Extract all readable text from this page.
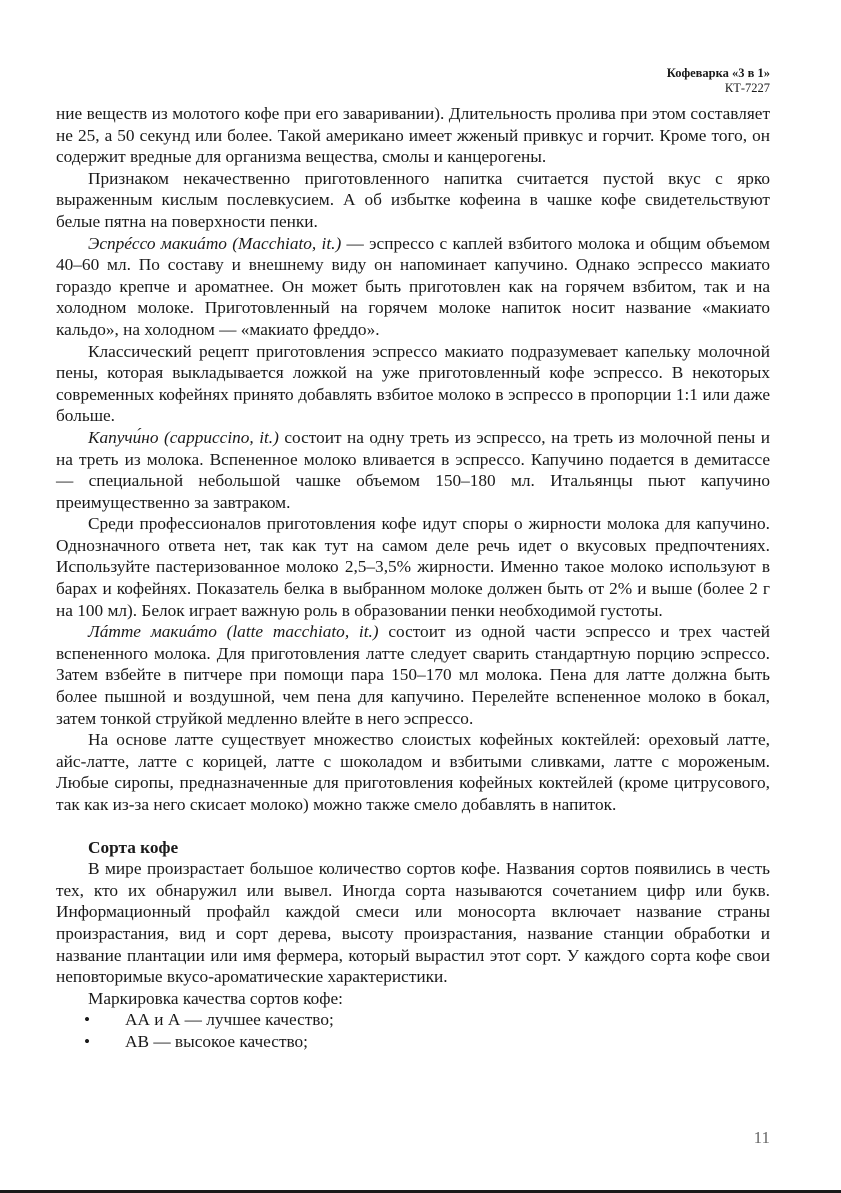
Кофеварка «3 в 1»
КТ-7227

ние веществ из молотого кофе при его заваривании). Длительность пролива при этом составляет не 25, а 50 секунд или более. Такой американо имеет жженый привкус и горчит. Кроме того, он содержит вредные для организма вещества, смолы и канцерогены.

Признаком некачественно приготовленного напитка считается пустой вкус с ярко выраженным кислым послевкусием. А об избытке кофеина в чашке кофе свидетельствуют белые пятна на поверхности пенки.

Эспрéссо макиáто (Macchiato, it.) — эспрессо с каплей взбитого молока и общим объемом 40–60 мл. По составу и внешнему виду он напоминает капучино. Однако эспрессо макиато гораздо крепче и ароматнее. Он может быть приготовлен как на горячем взбитом, так и на холодном молоке. Приготовленный на горячем молоке напиток носит название «макиато кальдо», на холодном — «макиато фреддо».

Классический рецепт приготовления эспрессо макиато подразумевает капельку молочной пены, которая выкладывается ложкой на уже приготовленный кофе эспрессо. В некоторых современных кофейнях принято добавлять взбитое молоко в эспрессо в пропорции 1:1 или даже больше.

Капучи́но (cappuccino, it.) состоит на одну треть из эспрессо, на треть из молочной пены и на треть из молока. Вспененное молоко вливается в эспрессо. Капучино подается в демитассе — специальной небольшой чашке объемом 150–180 мл. Итальянцы пьют капучино преимущественно за завтраком.

Среди профессионалов приготовления кофе идут споры о жирности молока для капучино. Однозначного ответа нет, так как тут на самом деле речь идет о вкусовых предпочтениях. Используйте пастеризованное молоко 2,5–3,5% жирности. Именно такое молоко используют в барах и кофейнях. Показатель белка в выбранном молоке должен быть от 2% и выше (более 2 г на 100 мл). Белок играет важную роль в образовании пенки необходимой густоты.

Лáтте макиáто (latte macchiato, it.) состоит из одной части эспрессо и трех частей вспененного молока. Для приготовления латте следует сварить стандартную порцию эспрессо. Затем взбейте в питчере при помощи пара 150–170 мл молока. Пена для латте должна быть более пышной и воздушной, чем пена для капучино. Перелейте вспененное молоко в бокал, затем тонкой струйкой медленно влейте в него эспрессо.

На основе латте существует множество слоистых кофейных коктейлей: ореховый латте, айс-латте, латте с корицей, латте с шоколадом и взбитыми сливками, латте с мороженым. Любые сиропы, предназначенные для приготовления кофейных коктейлей (кроме цитрусового, так как из-за него скисает молоко) можно также смело добавлять в напиток.

Сорта кофе

В мире произрастает большое количество сортов кофе. Названия сортов появились в честь тех, кто их обнаружил или вывел. Иногда сорта называются сочетанием цифр или букв. Информационный профайл каждой смеси или моносорта включает название страны произрастания, вид и сорт дерева, высоту произрастания, название станции обработки и название плантации или имя фермера, который вырастил этот сорт. У каждого сорта кофе свои неповторимые вкусо-ароматические характеристики.

Маркировка качества сортов кофе:

• АА и А — лучшее качество;
• АВ — высокое качество;
11
